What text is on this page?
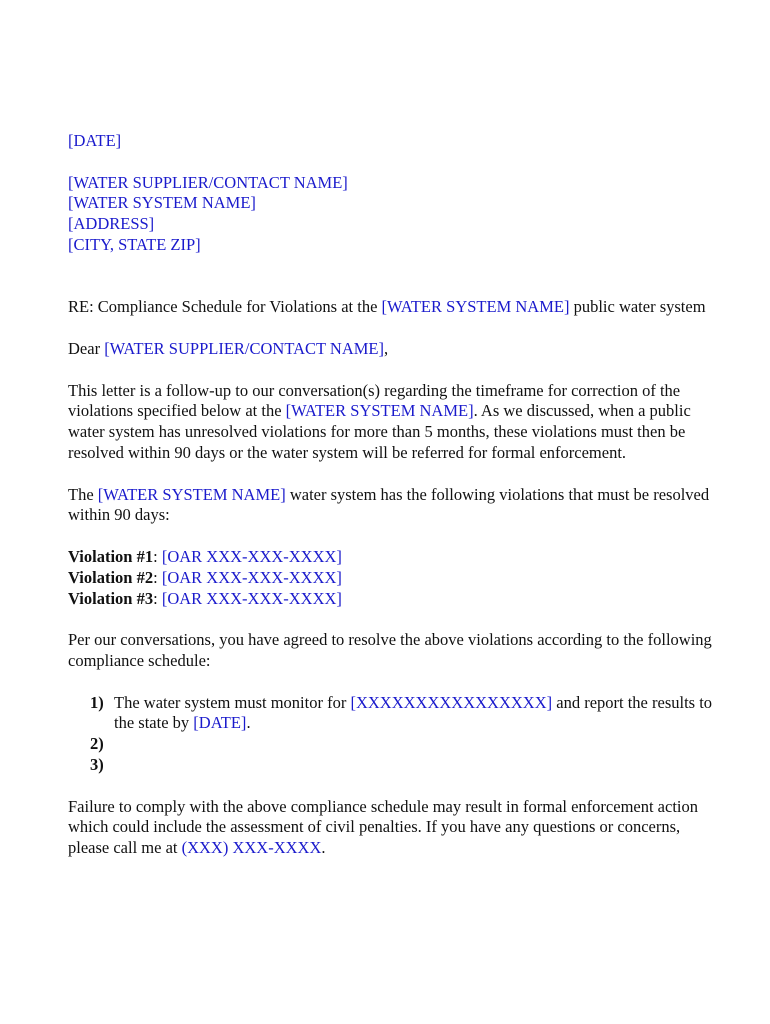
[DATE]

[WATER SUPPLIER/CONTACT NAME]

[WATER SYSTEM NAME]

[ADDRESS]

[CITY, STATE ZIP]

RE: Compliance Schedule for Violations at the [WATER SYSTEM NAME] public water system

Dear [WATER SUPPLIER/CONTACT NAME],

This letter is a follow-up to our conversation(s) regarding the timeframe for correction of the violations specified below at the [WATER SYSTEM NAME]. As we discussed, when a public water system has unresolved violations for more than 5 months, these violations must then be resolved within 90 days or the water system will be referred for formal enforcement.

The [WATER SYSTEM NAME] water system has the following violations that must be resolved within 90 days:

Violation #1: [OAR XXX-XXX-XXXX]

Violation #2: [OAR XXX-XXX-XXXX]

Violation #3: [OAR XXX-XXX-XXXX]

Per our conversations, you have agreed to resolve the above violations according to the following compliance schedule:

1) The water system must monitor for [XXXXXXXXXXXXXXXX] and report the results to the state by [DATE].
2)

3)

Failure to comply with the above compliance schedule may result in formal enforcement action which could include the assessment of civil penalties. If you have any questions or concerns, please call me at (XXX) XXX-XXXX.
